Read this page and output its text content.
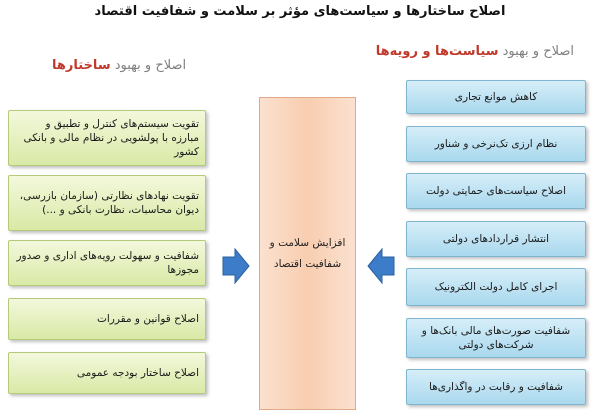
اصلاح ساختارها و سیاست‌های مؤثر بر سلامت و شفافیت اقتصاد
اصلاح و بهبود سیاست‌ها و رویه‌ها
اصلاح و بهبود ساختارها
کاهش موانع تجاری
نظام ارزی تک‌نرخی و شناور
اصلاح سیاست‌های حمایتی دولت
انتشار قراردادهای دولتی
اجرای کامل دولت الکترونیک
شفافیت صورت‌های مالی بانک‌ها و شرکت‌های دولتی
شفافیت و رقابت در واگذاری‌ها
تقویت سیستم‌های کنترل و تطبیق و مبارزه با پولشویی در نظام مالی و بانکی کشور
تقویت نهادهای نظارتی (سازمان بازرسی، دیوان محاسبات، نظارت بانکی و ...)
شفافیت و سهولت رویه‌های اداری و صدور مجوزها
اصلاح قوانین و مقررات
اصلاح ساختار بودجه عمومی
افزایش سلامت و
شفافیت اقتصاد
